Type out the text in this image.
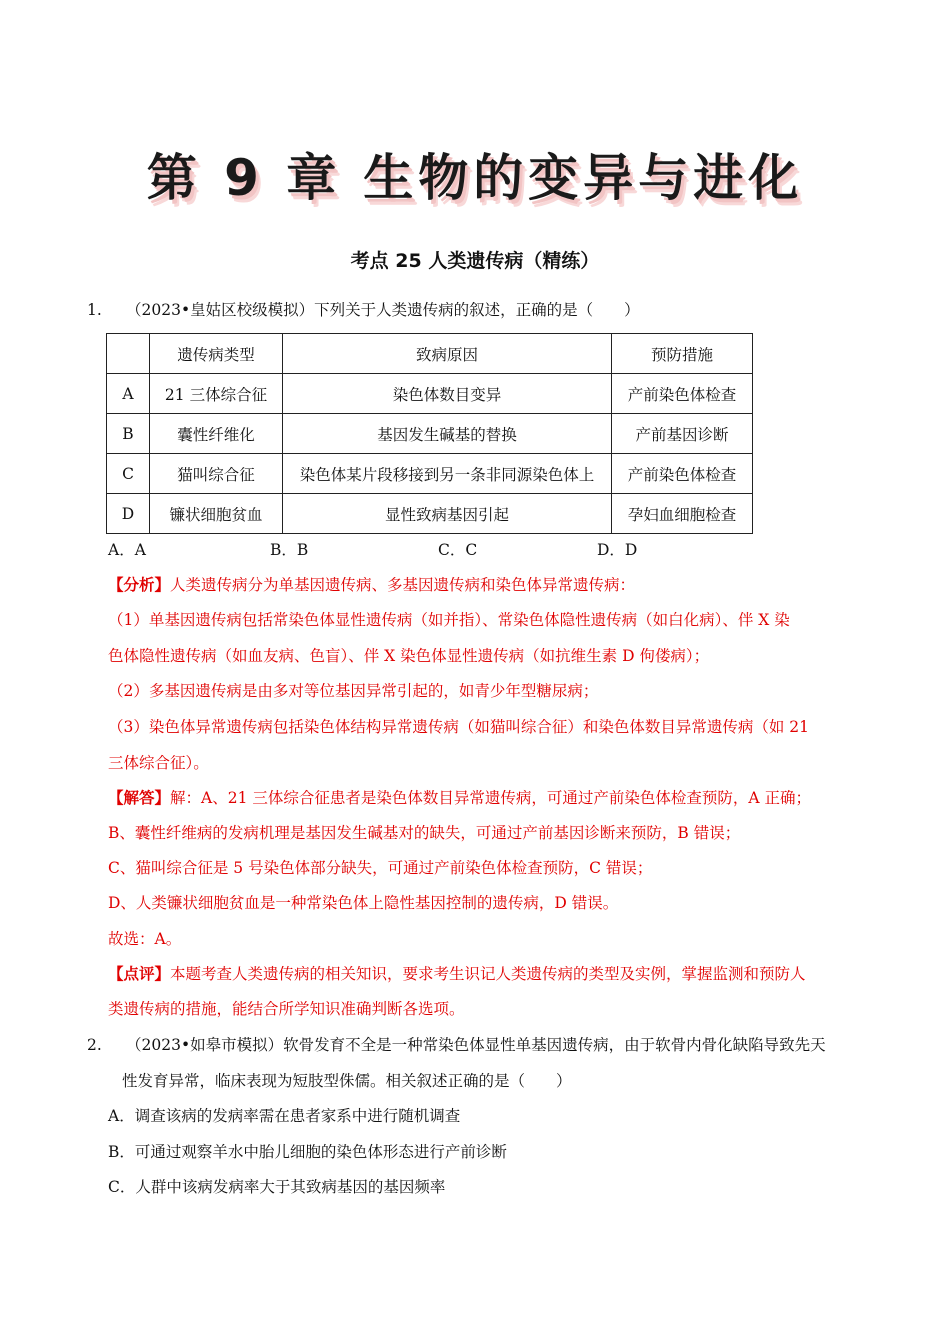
第 9 章 生物的变异与进化
考点 25 人类遗传病（精练）
1. （2023•皇姑区校级模拟）下列关于人类遗传病的叙述，正确的是（　　）
	遗传病类型	致病原因	预防措施
A	21 三体综合征	染色体数目变异	产前染色体检查
B	囊性纤维化	基因发生碱基的替换	产前基因诊断
C	猫叫综合征	染色体某片段移接到另一条非同源染色体上	产前染色体检查
D	镰状细胞贫血	显性致病基因引起	孕妇血细胞检查
A．A	B．B	C．C	D．D
【分析】人类遗传病分为单基因遗传病、多基因遗传病和染色体异常遗传病：
（1）单基因遗传病包括常染色体显性遗传病（如并指）、常染色体隐性遗传病（如白化病）、伴 X 染
色体隐性遗传病（如血友病、色盲）、伴 X 染色体显性遗传病（如抗维生素 D 佝偻病）；
（2）多基因遗传病是由多对等位基因异常引起的，如青少年型糖尿病；
（3）染色体异常遗传病包括染色体结构异常遗传病（如猫叫综合征）和染色体数目异常遗传病（如 21
三体综合征）。
【解答】解：A、21 三体综合征患者是染色体数目异常遗传病，可通过产前染色体检查预防，A 正确；
B、囊性纤维病的发病机理是基因发生碱基对的缺失，可通过产前基因诊断来预防，B 错误；
C、猫叫综合征是 5 号染色体部分缺失，可通过产前染色体检查预防，C 错误；
D、人类镰状细胞贫血是一种常染色体上隐性基因控制的遗传病，D 错误。
故选：A。
【点评】本题考查人类遗传病的相关知识，要求考生识记人类遗传病的类型及实例，掌握监测和预防人
类遗传病的措施，能结合所学知识准确判断各选项。
2. （2023•如皋市模拟）软骨发育不全是一种常染色体显性单基因遗传病，由于软骨内骨化缺陷导致先天
性发育异常，临床表现为短肢型侏儒。相关叙述正确的是（　　）
A．调查该病的发病率需在患者家系中进行随机调查
B．可通过观察羊水中胎儿细胞的染色体形态进行产前诊断
C．人群中该病发病率大于其致病基因的基因频率
